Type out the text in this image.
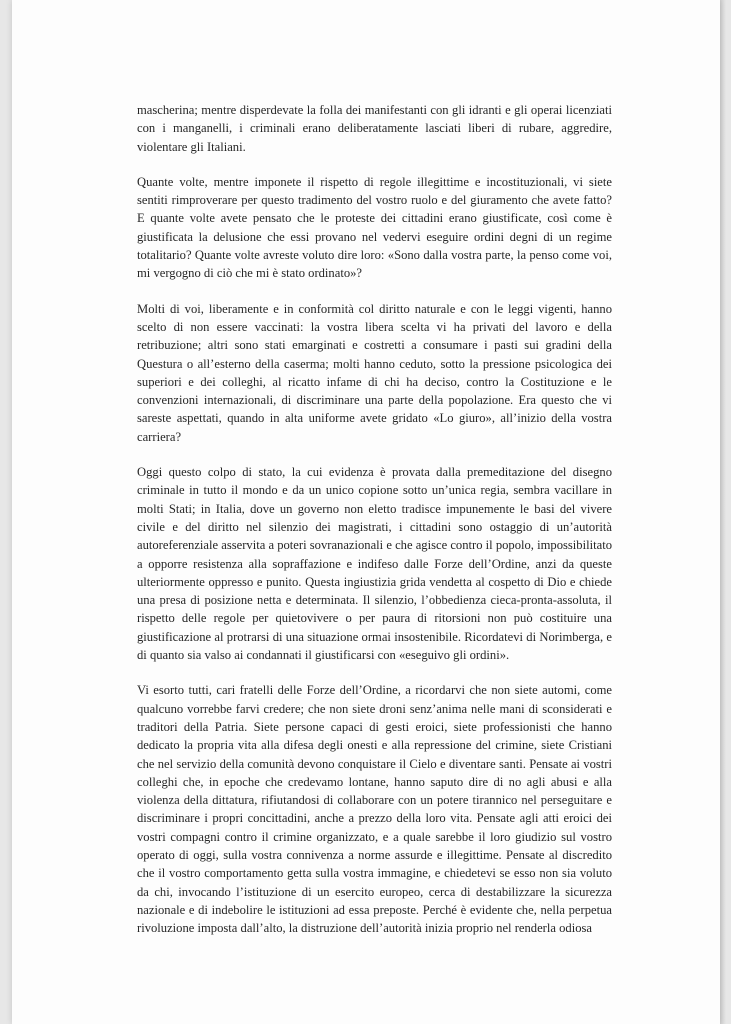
mascherina; mentre disperdevate la folla dei manifestanti con gli idranti e gli operai licenziati con i manganelli, i criminali erano deliberatamente lasciati liberi di rubare, aggredire, violentare gli Italiani.

Quante volte, mentre imponete il rispetto di regole illegittime e incostituzionali, vi siete sentiti rimproverare per questo tradimento del vostro ruolo e del giuramento che avete fatto? E quante volte avete pensato che le proteste dei cittadini erano giustificate, così come è giustificata la delusione che essi provano nel vedervi eseguire ordini degni di un regime totalitario? Quante volte avreste voluto dire loro: «Sono dalla vostra parte, la penso come voi, mi vergogno di ciò che mi è stato ordinato»?

Molti di voi, liberamente e in conformità col diritto naturale e con le leggi vigenti, hanno scelto di non essere vaccinati: la vostra libera scelta vi ha privati del lavoro e della retribuzione; altri sono stati emarginati e costretti a consumare i pasti sui gradini della Questura o all’esterno della caserma; molti hanno ceduto, sotto la pressione psicologica dei superiori e dei colleghi, al ricatto infame di chi ha deciso, contro la Costituzione e le convenzioni internazionali, di discriminare una parte della popolazione. Era questo che vi sareste aspettati, quando in alta uniforme avete gridato «Lo giuro», all’inizio della vostra carriera?

Oggi questo colpo di stato, la cui evidenza è provata dalla premeditazione del disegno criminale in tutto il mondo e da un unico copione sotto un’unica regia, sembra vacillare in molti Stati; in Italia, dove un governo non eletto tradisce impunemente le basi del vivere civile e del diritto nel silenzio dei magistrati, i cittadini sono ostaggio di un’autorità autoreferenziale asservita a poteri sovranazionali e che agisce contro il popolo, impossibilitato a opporre resistenza alla sopraffazione e indifeso dalle Forze dell’Ordine, anzi da queste ulteriormente oppresso e punito. Questa ingiustizia grida vendetta al cospetto di Dio e chiede una presa di posizione netta e determinata. Il silenzio, l’obbedienza cieca-pronta-assoluta, il rispetto delle regole per quietovivere o per paura di ritorsioni non può costituire una giustificazione al protrarsi di una situazione ormai insostenibile. Ricordatevi di Norimberga, e di quanto sia valso ai condannati il giustificarsi con «eseguivo gli ordini».

Vi esorto tutti, cari fratelli delle Forze dell’Ordine, a ricordarvi che non siete automi, come qualcuno vorrebbe farvi credere; che non siete droni senz’anima nelle mani di sconsiderati e traditori della Patria. Siete persone capaci di gesti eroici, siete professionisti che hanno dedicato la propria vita alla difesa degli onesti e alla repressione del crimine, siete Cristiani che nel servizio della comunità devono conquistare il Cielo e diventare santi. Pensate ai vostri colleghi che, in epoche che credevamo lontane, hanno saputo dire di no agli abusi e alla violenza della dittatura, rifiutandosi di collaborare con un potere tirannico nel perseguitare e discriminare i propri concittadini, anche a prezzo della loro vita. Pensate agli atti eroici dei vostri compagni contro il crimine organizzato, e a quale sarebbe il loro giudizio sul vostro operato di oggi, sulla vostra connivenza a norme assurde e illegittime. Pensate al discredito che il vostro comportamento getta sulla vostra immagine, e chiedetevi se esso non sia voluto da chi, invocando l’istituzione di un esercito europeo, cerca di destabilizzare la sicurezza nazionale e di indebolire le istituzioni ad essa preposte. Perché è evidente che, nella perpetua rivoluzione imposta dall’alto, la distruzione dell’autorità inizia proprio nel renderla odiosa
